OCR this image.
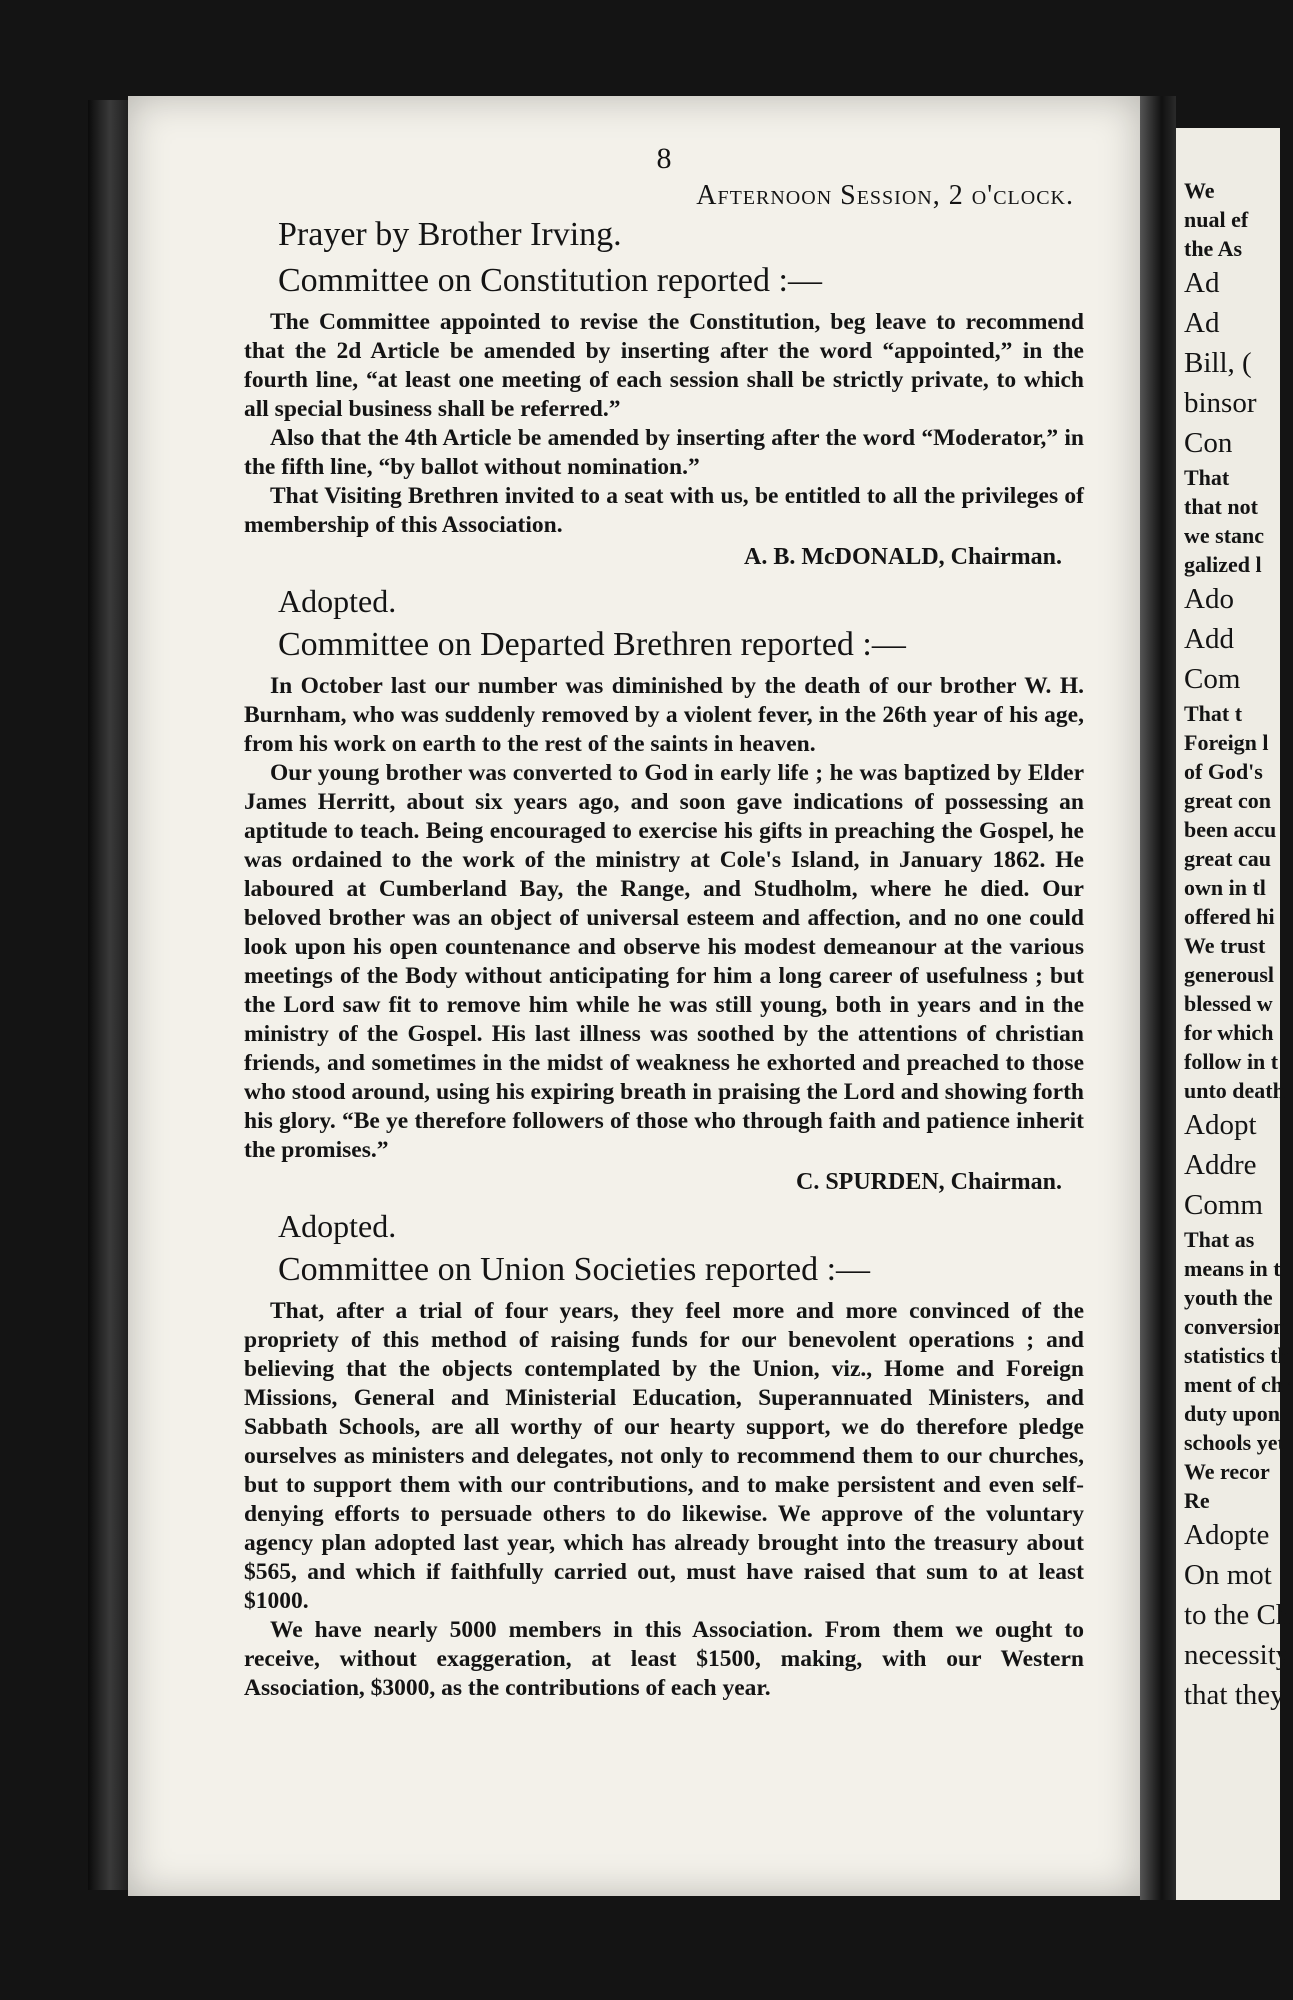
8
Afternoon Session, 2 o'clock.
Prayer by Brother Irving.
Committee on Constitution reported :—

The Committee appointed to revise the Constitution, beg leave to recommend that the 2d Article be amended by inserting after the word “appointed,” in the fourth line, “at least one meeting of each session shall be strictly private, to which all special business shall be referred.”

Also that the 4th Article be amended by inserting after the word “Moderator,” in the fifth line, “by ballot without nomination.”

That Visiting Brethren invited to a seat with us, be entitled to all the privileges of membership of this Association.

A. B. McDONALD, Chairman.
Adopted.
Committee on Departed Brethren reported :—

In October last our number was diminished by the death of our brother W. H. Burnham, who was suddenly removed by a violent fever, in the 26th year of his age, from his work on earth to the rest of the saints in heaven.

Our young brother was converted to God in early life ; he was baptized by Elder James Herritt, about six years ago, and soon gave indications of possessing an aptitude to teach. Being encouraged to exercise his gifts in preaching the Gospel, he was ordained to the work of the ministry at Cole's Island, in January 1862. He laboured at Cumberland Bay, the Range, and Studholm, where he died. Our beloved brother was an object of universal esteem and affection, and no one could look upon his open countenance and observe his modest demeanour at the various meetings of the Body without anticipating for him a long career of usefulness ; but the Lord saw fit to remove him while he was still young, both in years and in the ministry of the Gospel. His last illness was soothed by the attentions of christian friends, and sometimes in the midst of weakness he exhorted and preached to those who stood around, using his expiring breath in praising the Lord and showing forth his glory. “Be ye therefore followers of those who through faith and patience inherit the promises.”

C. SPURDEN, Chairman.
Adopted.
Committee on Union Societies reported :—

That, after a trial of four years, they feel more and more convinced of the propriety of this method of raising funds for our benevolent operations ; and believing that the objects contemplated by the Union, viz., Home and Foreign Missions, General and Ministerial Education, Superannuated Ministers, and Sabbath Schools, are all worthy of our hearty support, we do therefore pledge ourselves as ministers and delegates, not only to recommend them to our churches, but to support them with our contributions, and to make persistent and even self-denying efforts to persuade others to do likewise. We approve of the voluntary agency plan adopted last year, which has already brought into the treasury about $565, and which if faithfully carried out, must have raised that sum to at least $1000.

We have nearly 5000 members in this Association. From them we ought to receive, without exaggeration, at least $1500, making, with our Western Association, $3000, as the contributions of each year.

We

nual ef

the As

Ad

Ad

Bill, (

binsor

Con

That

that not

we stanc

galized l

Ado

Add

Com

That t

Foreign l

of God's

great con

been accu

great cau

own in tl

offered hi

We trust

generousl

blessed w

for which

follow in t

unto death

Adopt

Addre

Comm

That as

means in tl

youth the

conversion

statistics th

ment of chr

duty upon

schools yet

We recor

Re

Adopte

On mot

to the Ch

necessity

that they
